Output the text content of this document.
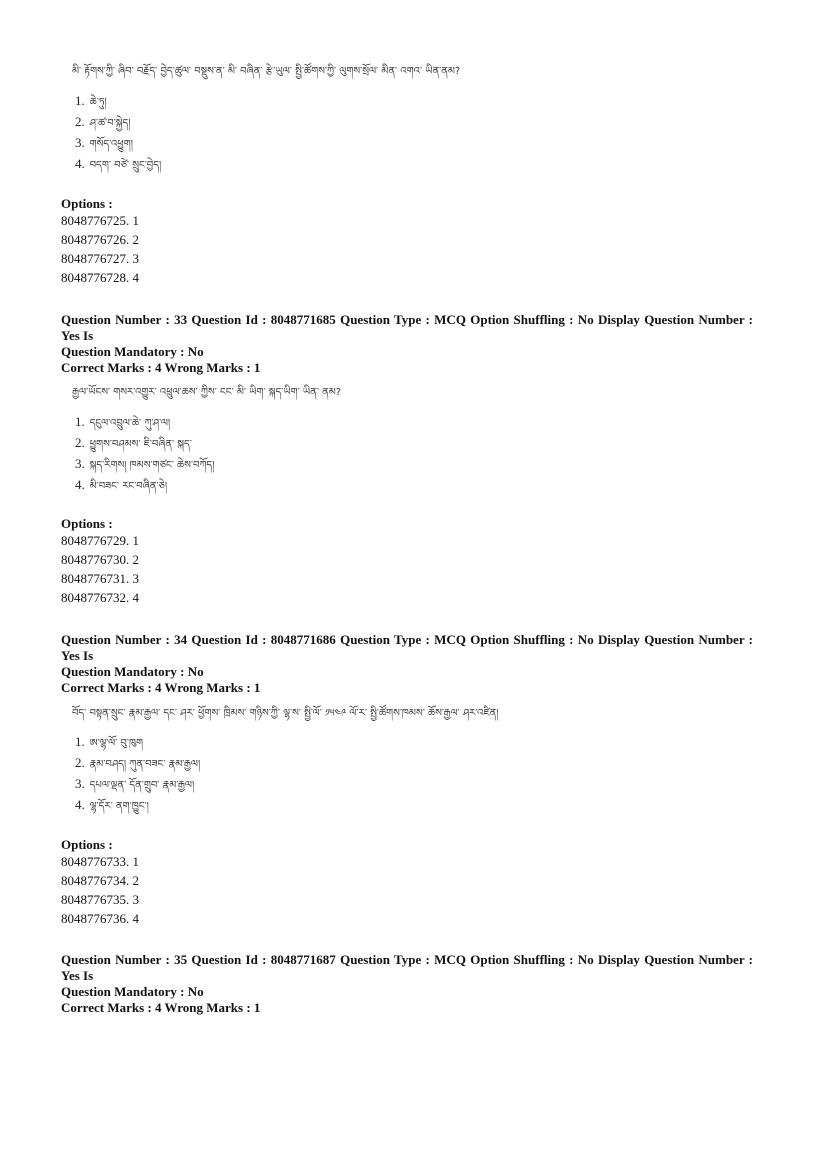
མི་ རྟོགས་ཀྱི་ ཞིབ་ བརྗོད་ བྱེད་ཚུལ་ བསྡུས་ན་ མི་ བཞིན་ རྩེ་ཡུལ་ སྤྱི་ཚོགས་ཀྱི་ ལུགས་སྲོལ་ མིན་ འགའ་ ཡིན་ནམ?
1. ཆེ་ཏུ།
2. ཤ་ཚ་བ་སྐྱེད།
3. གསོད་འཕྱུག།
4. བདག་ བཙེ་ སྲུང་བྱེད།
Options :
8048776725. 1
8048776726. 2
8048776727. 3
8048776728. 4
Question Number : 33 Question Id : 8048771685 Question Type : MCQ Option Shuffling : No Display Question Number : Yes Is
Question Mandatory : No
Correct Marks : 4 Wrong Marks : 1
རྒྱལ་ཡོངས་ གསར་འགྱུར་ འཕྲུལ་ཆས་ ཀྱིས་ ངང་ མི་ ཡིག་ སྐད་ཡིག་ ཡིན་ ནམ?
1. དངུལ་འབྲུལ་ཆེ་ ཀུ་ཤ་ལ།
2. ཕྱུགས་བཤམས་ ཇི་བཞིན་ སྐད་
3. སྐད་རིགས། ཁམས་གཙང་ ཆེས་བཀོད།
4. མི་བཟང་ རང་བཞིན་ཅེ།
Options :
8048776729. 1
8048776730. 2
8048776731. 3
8048776732. 4
Question Number : 34 Question Id : 8048771686 Question Type : MCQ Option Shuffling : No Display Question Number : Yes Is
Question Mandatory : No
Correct Marks : 4 Wrong Marks : 1
བོད་ བསྟན་སྲུང་ རྣམ་རྒྱལ་ དང་ ཤར་ ཕྱོགས་ ཁྲིམས་ གཉིས་ཀྱི་ ལྷ་ས་ སྤྱི་ལོ་ ༡༥༤༩ ལོ་ར་ སྤྱི་ཚོགས་ཁམས་ ཆོས་རྒྱལ་ ཤར་འཛིན།
1. ཨ་ལྷ་ལོ་ བུ་ཁུག
2. རྣམ་བཤད། ཀུན་བཟང་ རྣམ་རྒྱལ།
3. དཔལ་ལྡན་ དོན་གྲུབ་ རྣམ་རྒྱལ།
4. ལྷ་དོར་ ནག་ཁྱུང་།
Options :
8048776733. 1
8048776734. 2
8048776735. 3
8048776736. 4
Question Number : 35 Question Id : 8048771687 Question Type : MCQ Option Shuffling : No Display Question Number : Yes Is
Question Mandatory : No
Correct Marks : 4 Wrong Marks : 1
